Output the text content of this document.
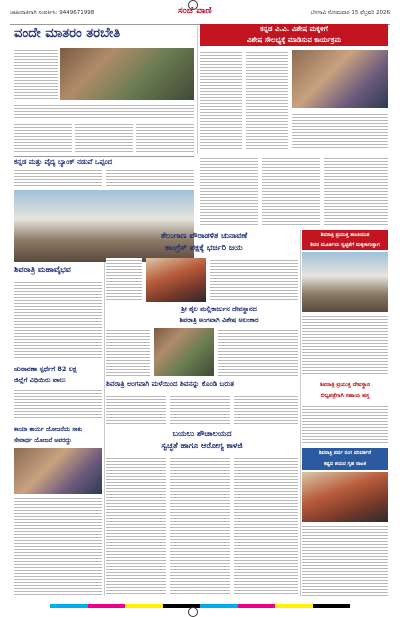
ಜಾಹೀರಾತಿಗಾಗಿ ಸಂಪರ್ಕಿಸಿ: 9449671998	ಸಂಜೆ ವಾಣಿ	ಬೆಳಗಾವಿ ಸೋಮವಾರ 15 ಫೆಬ್ರವರಿ 2026
ವಂದೇ ಮಾತರಂ ತರಬೇತಿ	ಕನ್ನಡ ವಿ.ವಿ. ವಿಶೇಷ ಮಕ್ಕಳಿಗೆ
ವಿಶೇಷ ಸೌಲಭ್ಯಕ್ಕೆ ಮಾಡಿಸುವ ಕಾರ್ಯಕ್ರಮ
ಕನ್ನಡ ಮತ್ತು ವೈದ್ಯ ಬ್ಯಾಂಕ್ ನಡುವೆ ಒಪ್ಪಂದ
ತೆಲಂಗಾಣ ಪೌರಾಡಳಿತ ಚುನಾವಣೆ
ಕಾಂಗ್ರೆಸ್ ಪಕ್ಷಕ್ಕೆ ಭರ್ಜರಿ ಜಯ
ಶಿವರಾತ್ರಿ ಮಹಾವೈಭವ
ಶ್ರೀ ಶೈಲ ಮಲ್ಲಿಕಾರ್ಜುನ ದೇವಸ್ಥಾನದ
ಶಿವರಾತ್ರಿ ಅಂಗವಾಗಿ ವಿಶೇಷ ಅಲಂಕಾರ
ಶಿವರಾತ್ರಿ ಪ್ರಯುಕ್ತ ಶಾಂತಿಯುತ
ಶಿವನ ಮೂರ್ತಿಯ ಸ್ವಚ್ಛತೆಗೆ ಮಕ್ಕಳಾಗುತ್ತಾಗ
ಚುನಾವಣಾ ಸ್ಪರ್ಧೆಗೆ 82 ಲಕ್ಷ
ಜಿಲ್ಲೆಗೆ ವಿಧಿಯಿರು ಪಾಲು	ಶಿವರಾತ್ರಿ ಅಂಗವಾಗಿ ಮಳೆಯಿಂದ ಶಿವನನ್ನು ಕೊಂಡಿ ಬರುತ	ಶಿವರಾತ್ರಿ ಪ್ರಯುಕ್ತ ದೇವಸ್ಥಾನ
ಬಿಲ್ವಪತ್ರೆಗಾಗಿ ಸಹಾಯ ಹಸ್ತ
ಕಾಯಾ ಕಾರ್ಯ ಯೋಜನೆಯ ಸಾಕು
ಸೇವಾರ್ಥ ಯೋಜನೆ ಅವರದ್ದು
ಬಯಲು ಶೌಚಾಲಯದ
ಸ್ವಚ್ಛತೆ ಹಾಗೂ ಆರೋಗ್ಯ ಕಾಳಜಿ
ಶಿವರಾತ್ರಿ ಪರ್ವ ರಂಗ ಪರಿವರ್ತನೆ
ಕಷ್ಟದ ಶಯನ ಗೃಹ ನಾಟಕ
